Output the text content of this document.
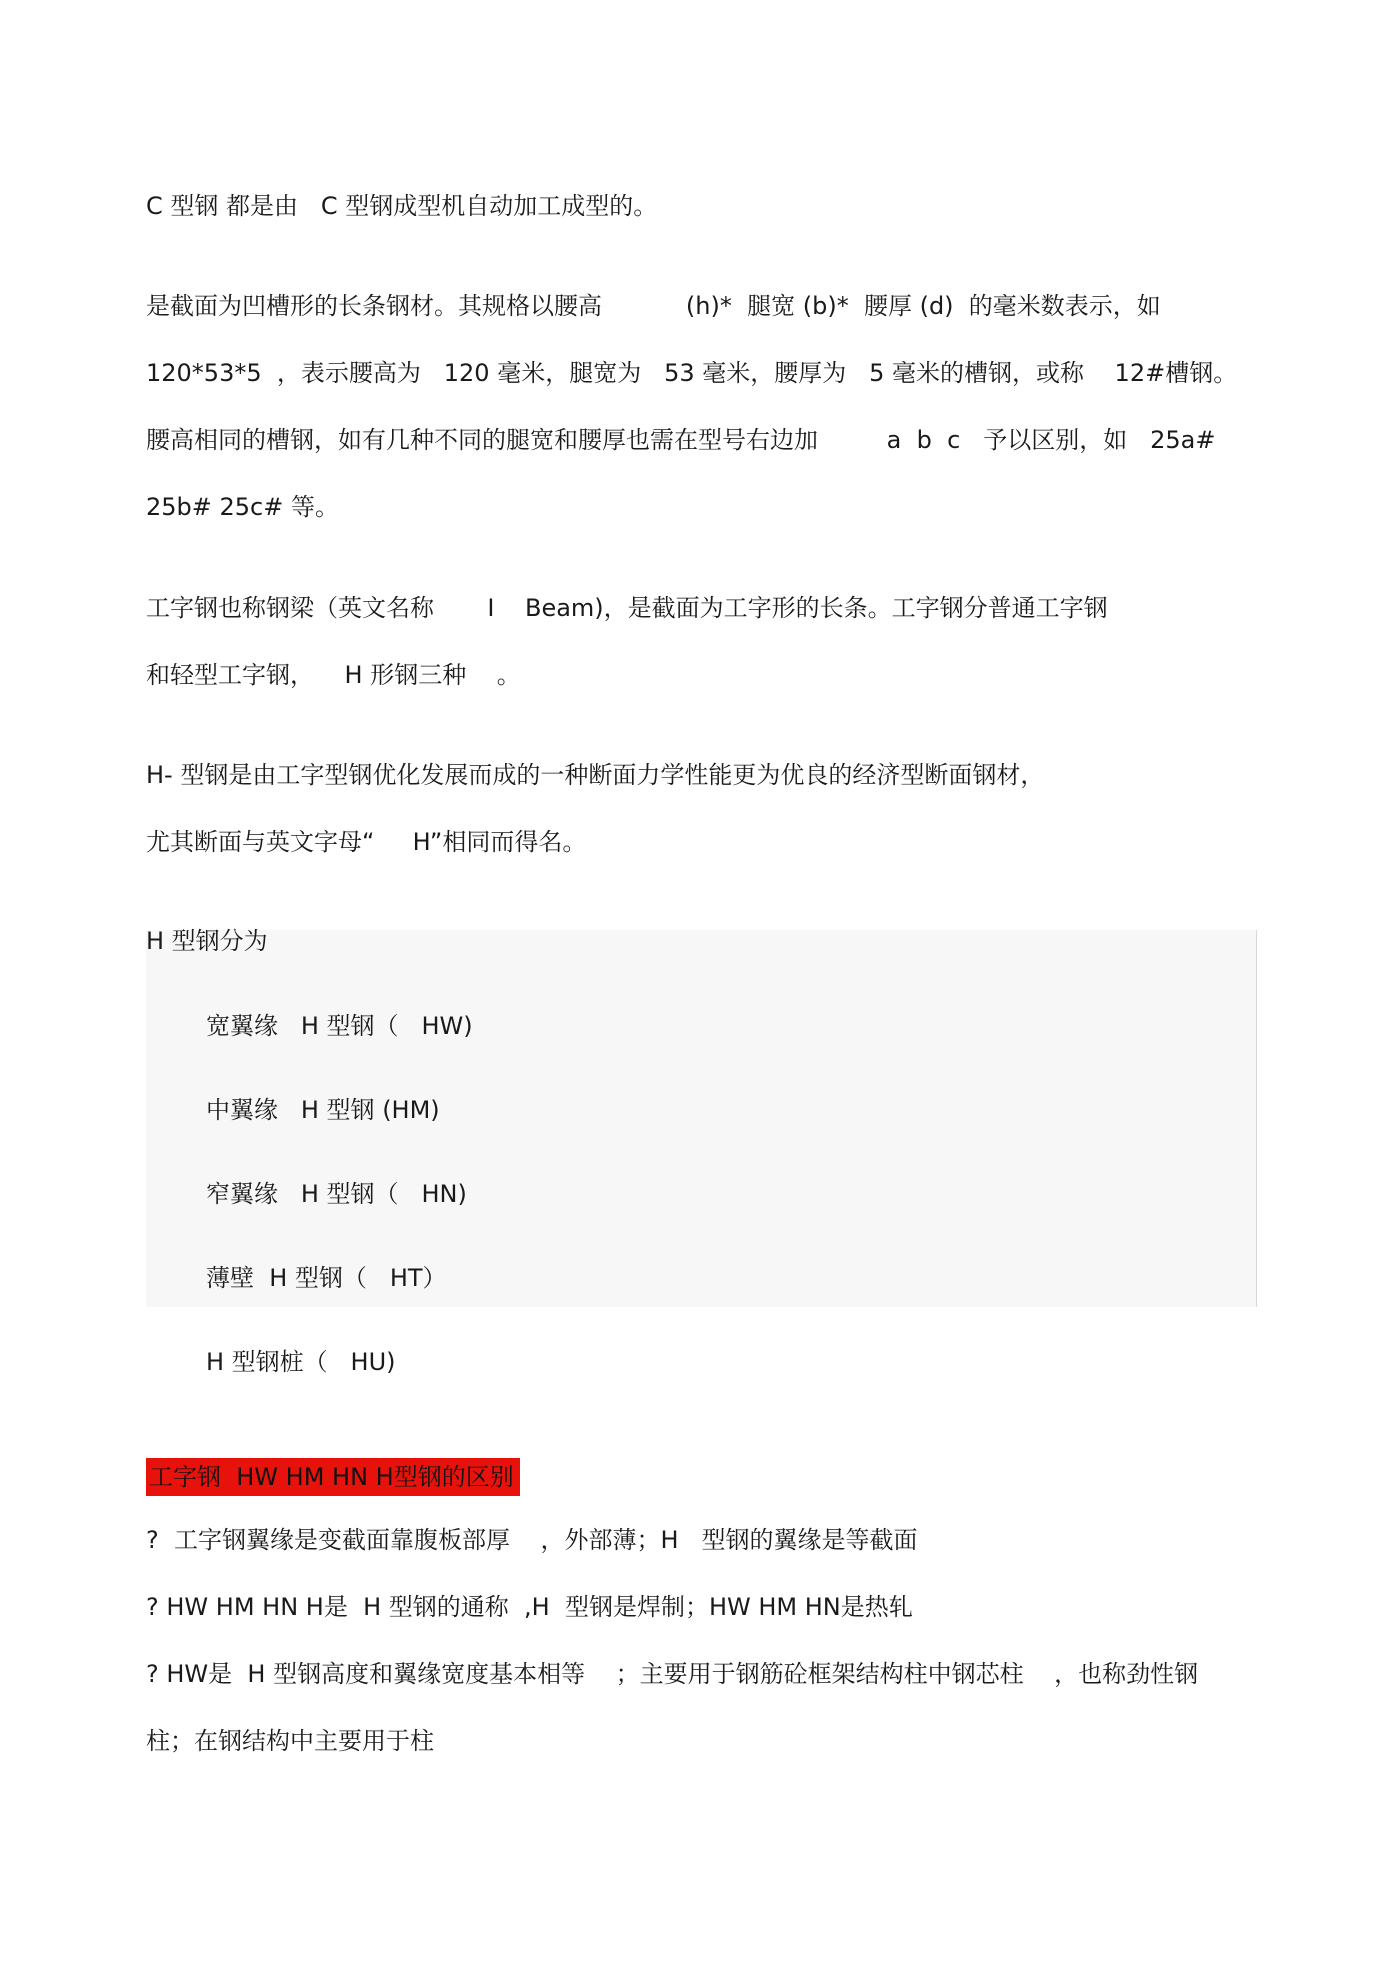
C 型钢 都是由   C 型钢成型机自动加工成型的。
是截面为凹槽形的长条钢材。其规格以腰高           (h)*  腿宽 (b)*  腰厚 (d)  的毫米数表示，如
120*53*5  ，表示腰高为   120 毫米，腿宽为   53 毫米，腰厚为   5 毫米的槽钢，或称    12#槽钢。
腰高相同的槽钢，如有几种不同的腿宽和腰厚也需在型号右边加         a  b  c   予以区别，如   25a#
25b# 25c# 等。
工字钢也称钢梁（英文名称       I    Beam)，是截面为工字形的长条。工字钢分普通工字钢
和轻型工字钢，    H 形钢三种    。
H- 型钢是由工字型钢优化发展而成的一种断面力学性能更为优良的经济型断面钢材，
尤其断面与英文字母“     H”相同而得名。
H 型钢分为
宽翼缘   H 型钢（   HW)
中翼缘   H 型钢 (HM)
窄翼缘   H 型钢（   HN)
薄壁  H 型钢（   HT）
H 型钢桩（   HU)
工字钢  HW HM HN H型钢的区别
?  工字钢翼缘是变截面靠腹板部厚    ，外部薄；H   型钢的翼缘是等截面
? HW HM HN H是  H 型钢的通称  ,H  型钢是焊制；HW HM HN是热轧
? HW是  H 型钢高度和翼缘宽度基本相等    ；主要用于钢筋砼框架结构柱中钢芯柱    ，也称劲性钢
柱；在钢结构中主要用于柱
